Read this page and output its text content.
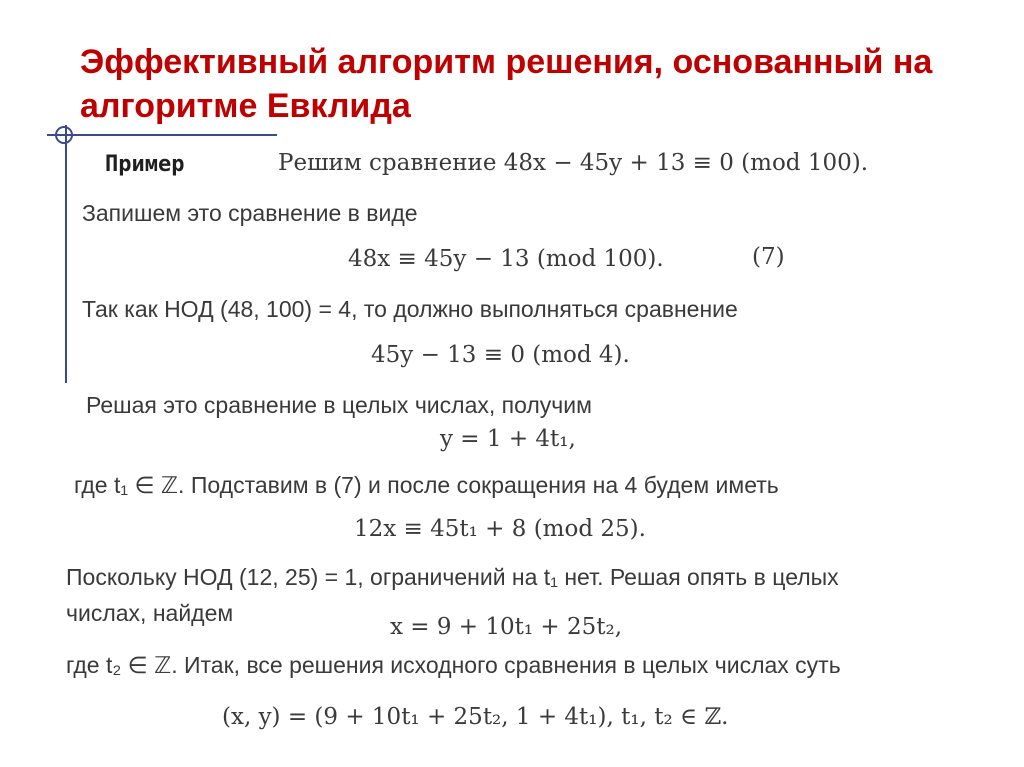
Эффективный алгоритм решения, основанный на алгоритме Евклида
Пример	Решим сравнение 48x − 45y + 13 ≡ 0 (mod 100).
Запишем это сравнение в виде
48x ≡ 45y − 13 (mod 100).	(7)
Так как НОД (48, 100) = 4, то должно выполняться сравнение
45y − 13 ≡ 0 (mod 4).
Решая это сравнение в целых числах, получим
y = 1 + 4t₁,
где t₁ ∈ ℤ. Подставим в (7) и после сокращения на 4 будем иметь
12x ≡ 45t₁ + 8 (mod 25).
Поскольку НОД (12, 25) = 1, ограничений на t₁ нет. Решая опять в целых
числах, найдем
x = 9 + 10t₁ + 25t₂,
где t₂ ∈ ℤ. Итак, все решения исходного сравнения в целых числах суть
(x, y) = (9 + 10t₁ + 25t₂, 1 + 4t₁), t₁, t₂ ∈ ℤ.
